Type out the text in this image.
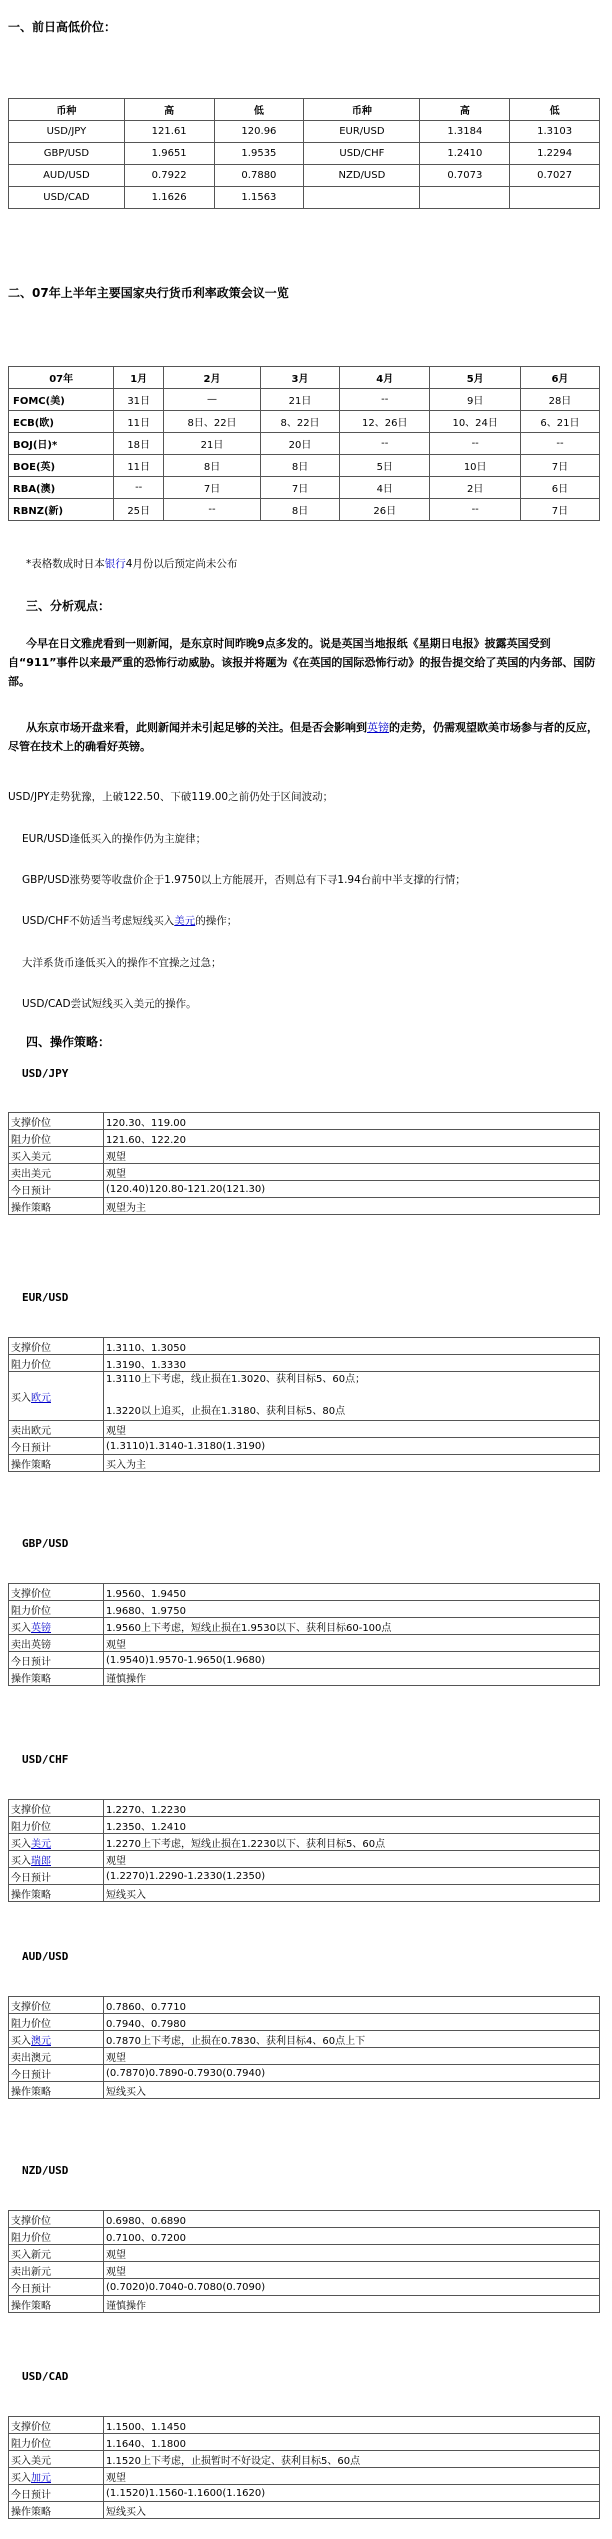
一、前日高低价位：
币种	高	低	币种	高	低
USD/JPY	121.61	120.96	EUR/USD	1.3184	1.3103
GBP/USD	1.9651	1.9535	USD/CHF	1.2410	1.2294
AUD/USD	0.7922	0.7880	NZD/USD	0.7073	0.7027
USD/CAD	1.1626	1.1563			
二、07年上半年主要国家央行货币利率政策会议一览
07年	1月	2月	3月	4月	5月	6月
FOMC(美)	31日	—	21日	--	9日	28日
ECB(欧)	11日	8日、22日	8、22日	12、26日	10、24日	6、21日
BOJ(日)*	18日	21日	20日	--	--	--
BOE(英)	11日	8日	8日	5日	10日	7日
RBA(澳)	--	7日	7日	4日	2日	6日
RBNZ(新)	25日	--	8日	26日	--	7日
*表格数成时日本银行4月份以后预定尚未公布
三、分析观点：
今早在日文雅虎看到一则新闻，是东京时间昨晚9点多发的。说是英国当地报纸《星期日电报》披露英国受到自“911”事件以来最严重的恐怖行动威胁。该报并将题为《在英国的国际恐怖行动》的报告提交给了英国的内务部、国防部。
从东京市场开盘来看，此则新闻并未引起足够的关注。但是否会影响到英镑的走势，仍需观望欧美市场参与者的反应，尽管在技术上的确看好英镑。
USD/JPY走势犹豫，上破122.50、下破119.00之前仍处于区间波动；
EUR/USD逢低买入的操作仍为主旋律；
GBP/USD涨势要等收盘价企于1.9750以上方能展开，否则总有下寻1.94台前中半支撑的行情；
USD/CHF不妨适当考虑短线买入美元的操作；
大洋系货币逢低买入的操作不宜操之过急；
USD/CAD尝试短线买入美元的操作。
四、操作策略：
USD/JPY
支撑价位	120.30、119.00
阻力价位	121.60、122.20
买入美元	观望
卖出美元	观望
今日预计	(120.40)120.80-121.20(121.30)
操作策略	观望为主
EUR/USD
支撑价位	1.3110、1.3050
阻力价位	1.3190、1.3330
买入欧元	1.3110上下考虑，线止损在1.3020、获利目标5、60点；

1.3220以上追买，止损在1.3180、获利目标5、80点

卖出欧元	观望
今日预计	(1.3110)1.3140-1.3180(1.3190)
操作策略	买入为主
GBP/USD
支撑价位	1.9560、1.9450
阻力价位	1.9680、1.9750
买入英镑	1.9560上下考虑，短线止损在1.9530以下、获利目标60-100点
卖出英镑	观望
今日预计	(1.9540)1.9570-1.9650(1.9680)
操作策略	谨慎操作
USD/CHF
支撑价位	1.2270、1.2230
阻力价位	1.2350、1.2410
买入美元	1.2270上下考虑，短线止损在1.2230以下、获利目标5、60点
买入瑞郎	观望
今日预计	(1.2270)1.2290-1.2330(1.2350)
操作策略	短线买入
AUD/USD
支撑价位	0.7860、0.7710
阻力价位	0.7940、0.7980
买入澳元	0.7870上下考虑，止损在0.7830、获利目标4、60点上下
卖出澳元	观望
今日预计	(0.7870)0.7890-0.7930(0.7940)
操作策略	短线买入
NZD/USD
支撑价位	0.6980、0.6890
阻力价位	0.7100、0.7200
买入新元	观望
卖出新元	观望
今日预计	(0.7020)0.7040-0.7080(0.7090)
操作策略	谨慎操作
USD/CAD
支撑价位	1.1500、1.1450
阻力价位	1.1640、1.1800
买入美元	1.1520上下考虑，止损暂时不好设定、获利目标5、60点
买入加元	观望
今日预计	(1.1520)1.1560-1.1600(1.1620)
操作策略	短线买入
